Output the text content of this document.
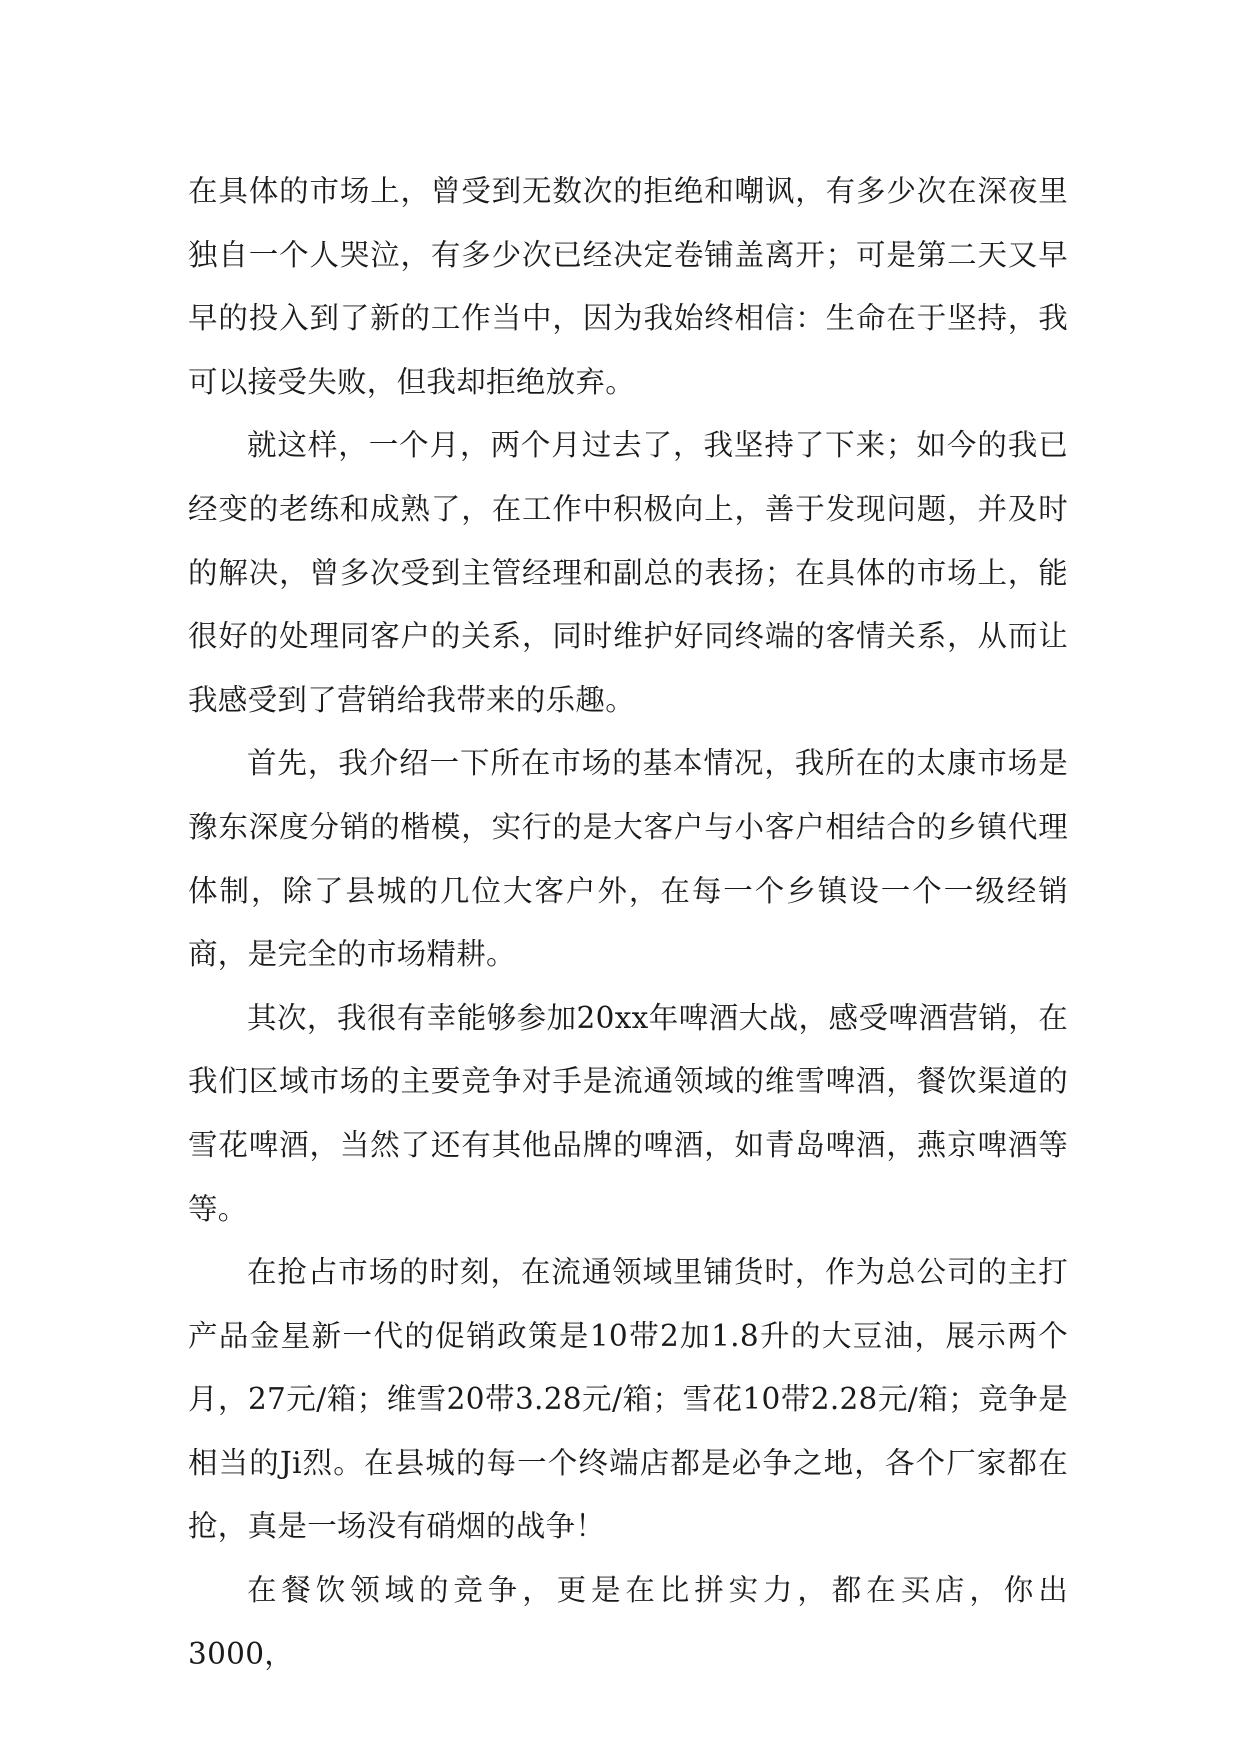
在具体的市场上，曾受到无数次的拒绝和嘲讽，有多少次在深夜里独自一个人哭泣，有多少次已经决定卷铺盖离开；可是第二天又早早的投入到了新的工作当中，因为我始终相信：生命在于坚持，我可以接受失败，但我却拒绝放弃。

就这样，一个月，两个月过去了，我坚持了下来；如今的我已经变的老练和成熟了，在工作中积极向上，善于发现问题，并及时的解决，曾多次受到主管经理和副总的表扬；在具体的市场上，能很好的处理同客户的关系，同时维护好同终端的客情关系，从而让我感受到了营销给我带来的乐趣。

首先，我介绍一下所在市场的基本情况，我所在的太康市场是豫东深度分销的楷模，实行的是大客户与小客户相结合的乡镇代理体制，除了县城的几位大客户外，在每一个乡镇设一个一级经销商，是完全的市场精耕。

其次，我很有幸能够参加20xx年啤酒大战，感受啤酒营销，在我们区域市场的主要竞争对手是流通领域的维雪啤酒，餐饮渠道的雪花啤酒，当然了还有其他品牌的啤酒，如青岛啤酒，燕京啤酒等等。

在抢占市场的时刻，在流通领域里铺货时，作为总公司的主打产品金星新一代的促销政策是10带2加1.8升的大豆油，展示两个月，27元/箱；维雪20带3.28元/箱；雪花10带2.28元/箱；竞争是相当的Ji烈。在县城的每一个终端店都是必争之地，各个厂家都在抢，真是一场没有硝烟的战争！

在餐饮领域的竞争，更是在比拼实力，都在买店，你出3000，
